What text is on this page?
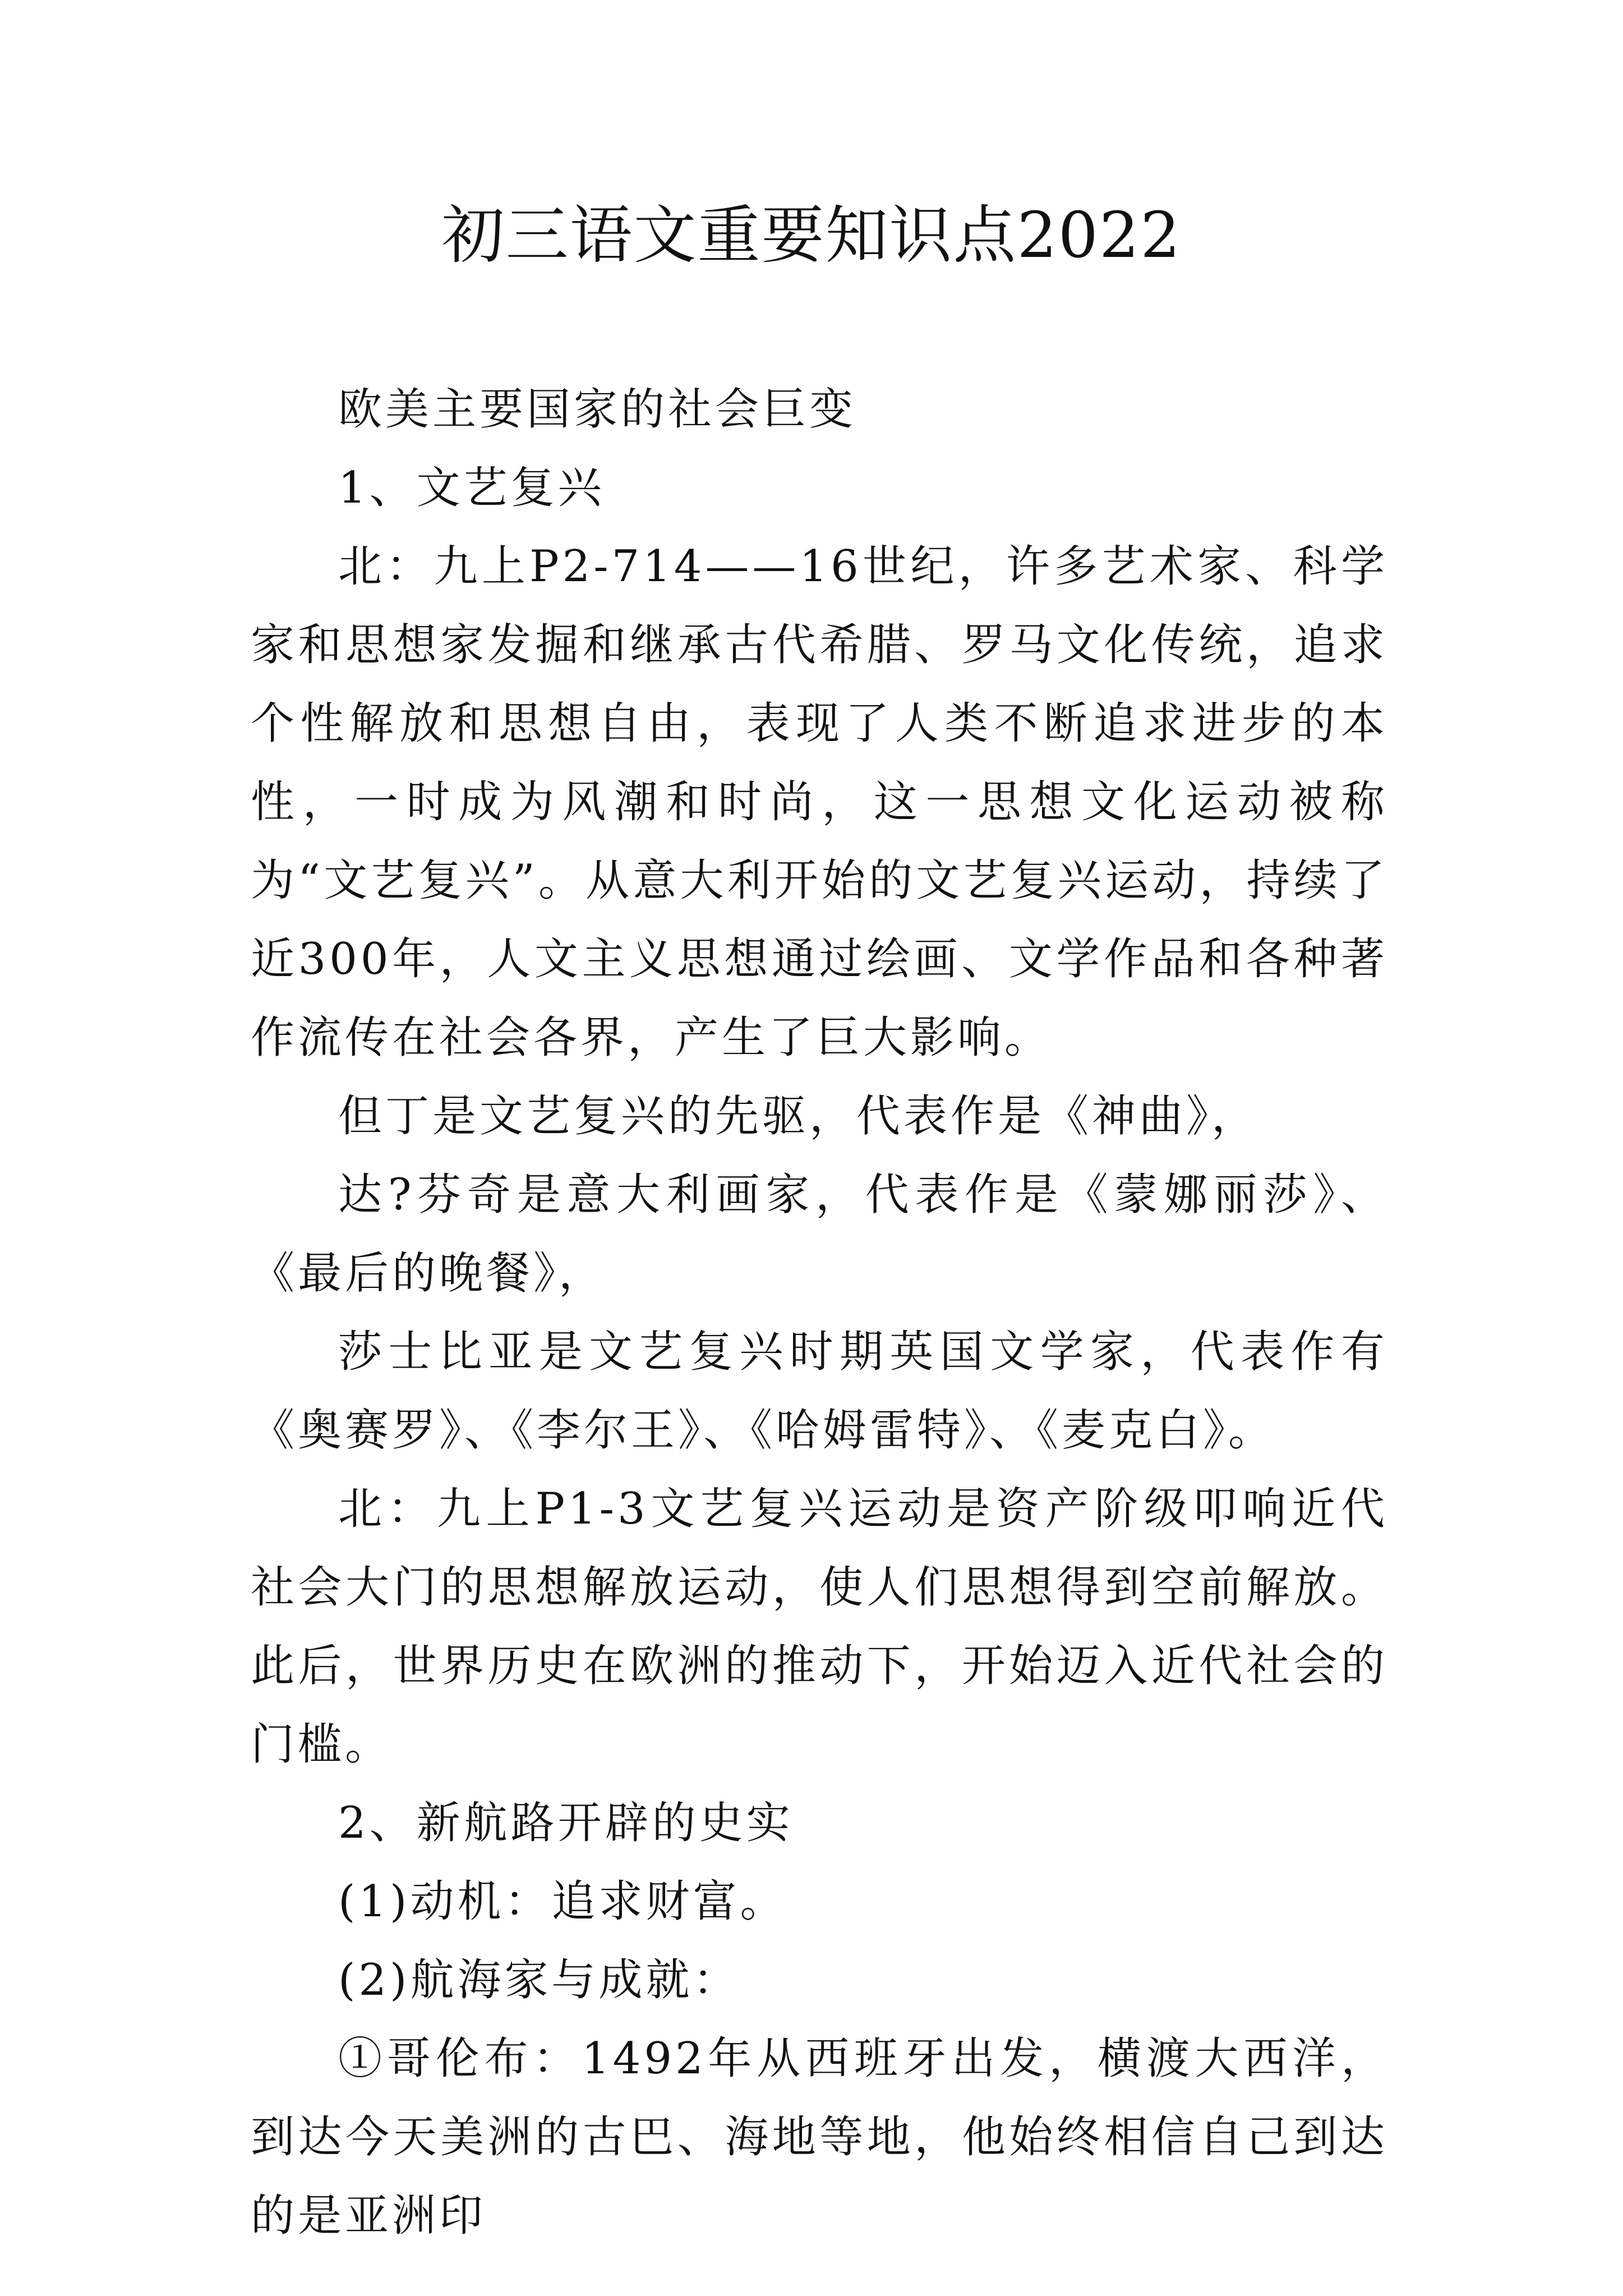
初三语文重要知识点2022

欧美主要国家的社会巨变

1、文艺复兴

北：九上P2-714——16世纪，许多艺术家、科学家和思想家发掘和继承古代希腊、罗马文化传统，追求个性解放和思想自由，表现了人类不断追求进步的本性，一时成为风潮和时尚，这一思想文化运动被称为“文艺复兴”。从意大利开始的文艺复兴运动，持续了近300年，人文主义思想通过绘画、文学作品和各种著作流传在社会各界，产生了巨大影响。

但丁是文艺复兴的先驱，代表作是《神曲》，

达?芬奇是意大利画家，代表作是《蒙娜丽莎》、《最后的晚餐》，

莎士比亚是文艺复兴时期英国文学家，代表作有《奥赛罗》、《李尔王》、《哈姆雷特》、《麦克白》。

北：九上P1-3文艺复兴运动是资产阶级叩响近代社会大门的思想解放运动，使人们思想得到空前解放。此后，世界历史在欧洲的推动下，开始迈入近代社会的门槛。

2、新航路开辟的史实

(1)动机：追求财富。

(2)航海家与成就：

①哥伦布：1492年从西班牙出发，横渡大西洋，到达今天美洲的古巴、海地等地，他始终相信自己到达的是亚洲印
